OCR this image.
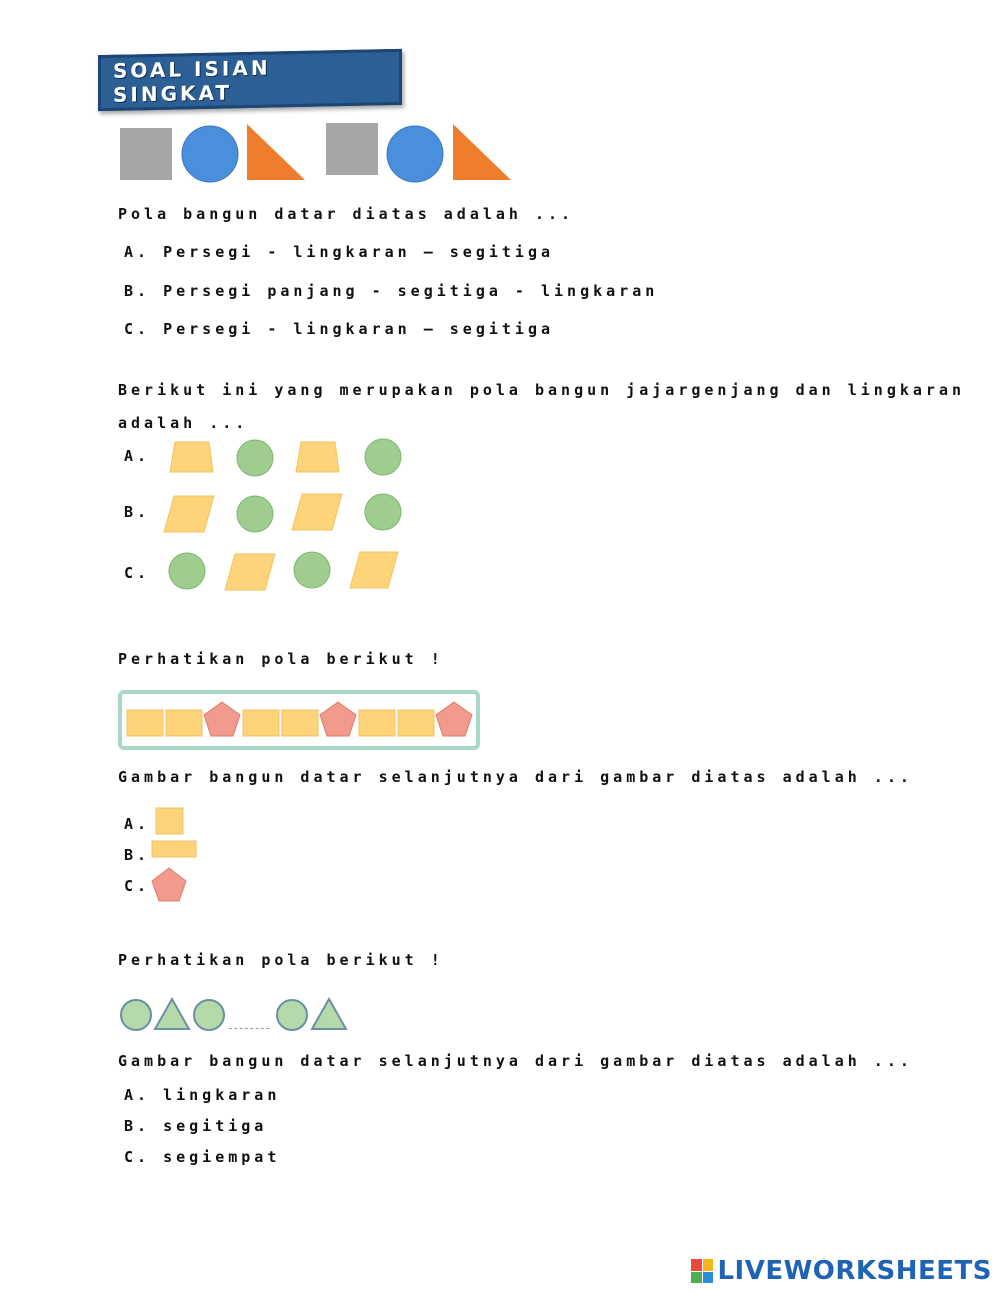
SOAL ISIAN SINGKAT
Pola bangun datar diatas adalah ...
A. Persegi - lingkaran — segitiga
B. Persegi panjang - segitiga - lingkaran
C. Persegi - lingkaran — segitiga
Berikut ini yang merupakan pola bangun jajargenjang dan lingkaran
adalah ...
A.
B.
C.
Perhatikan pola berikut !
Gambar bangun datar selanjutnya dari gambar diatas adalah ...
A.
B.
C.
Perhatikan pola berikut !
Gambar bangun datar selanjutnya dari gambar diatas adalah ...
A. lingkaran
B. segitiga
C. segiempat
LIVEWORKSHEETS
